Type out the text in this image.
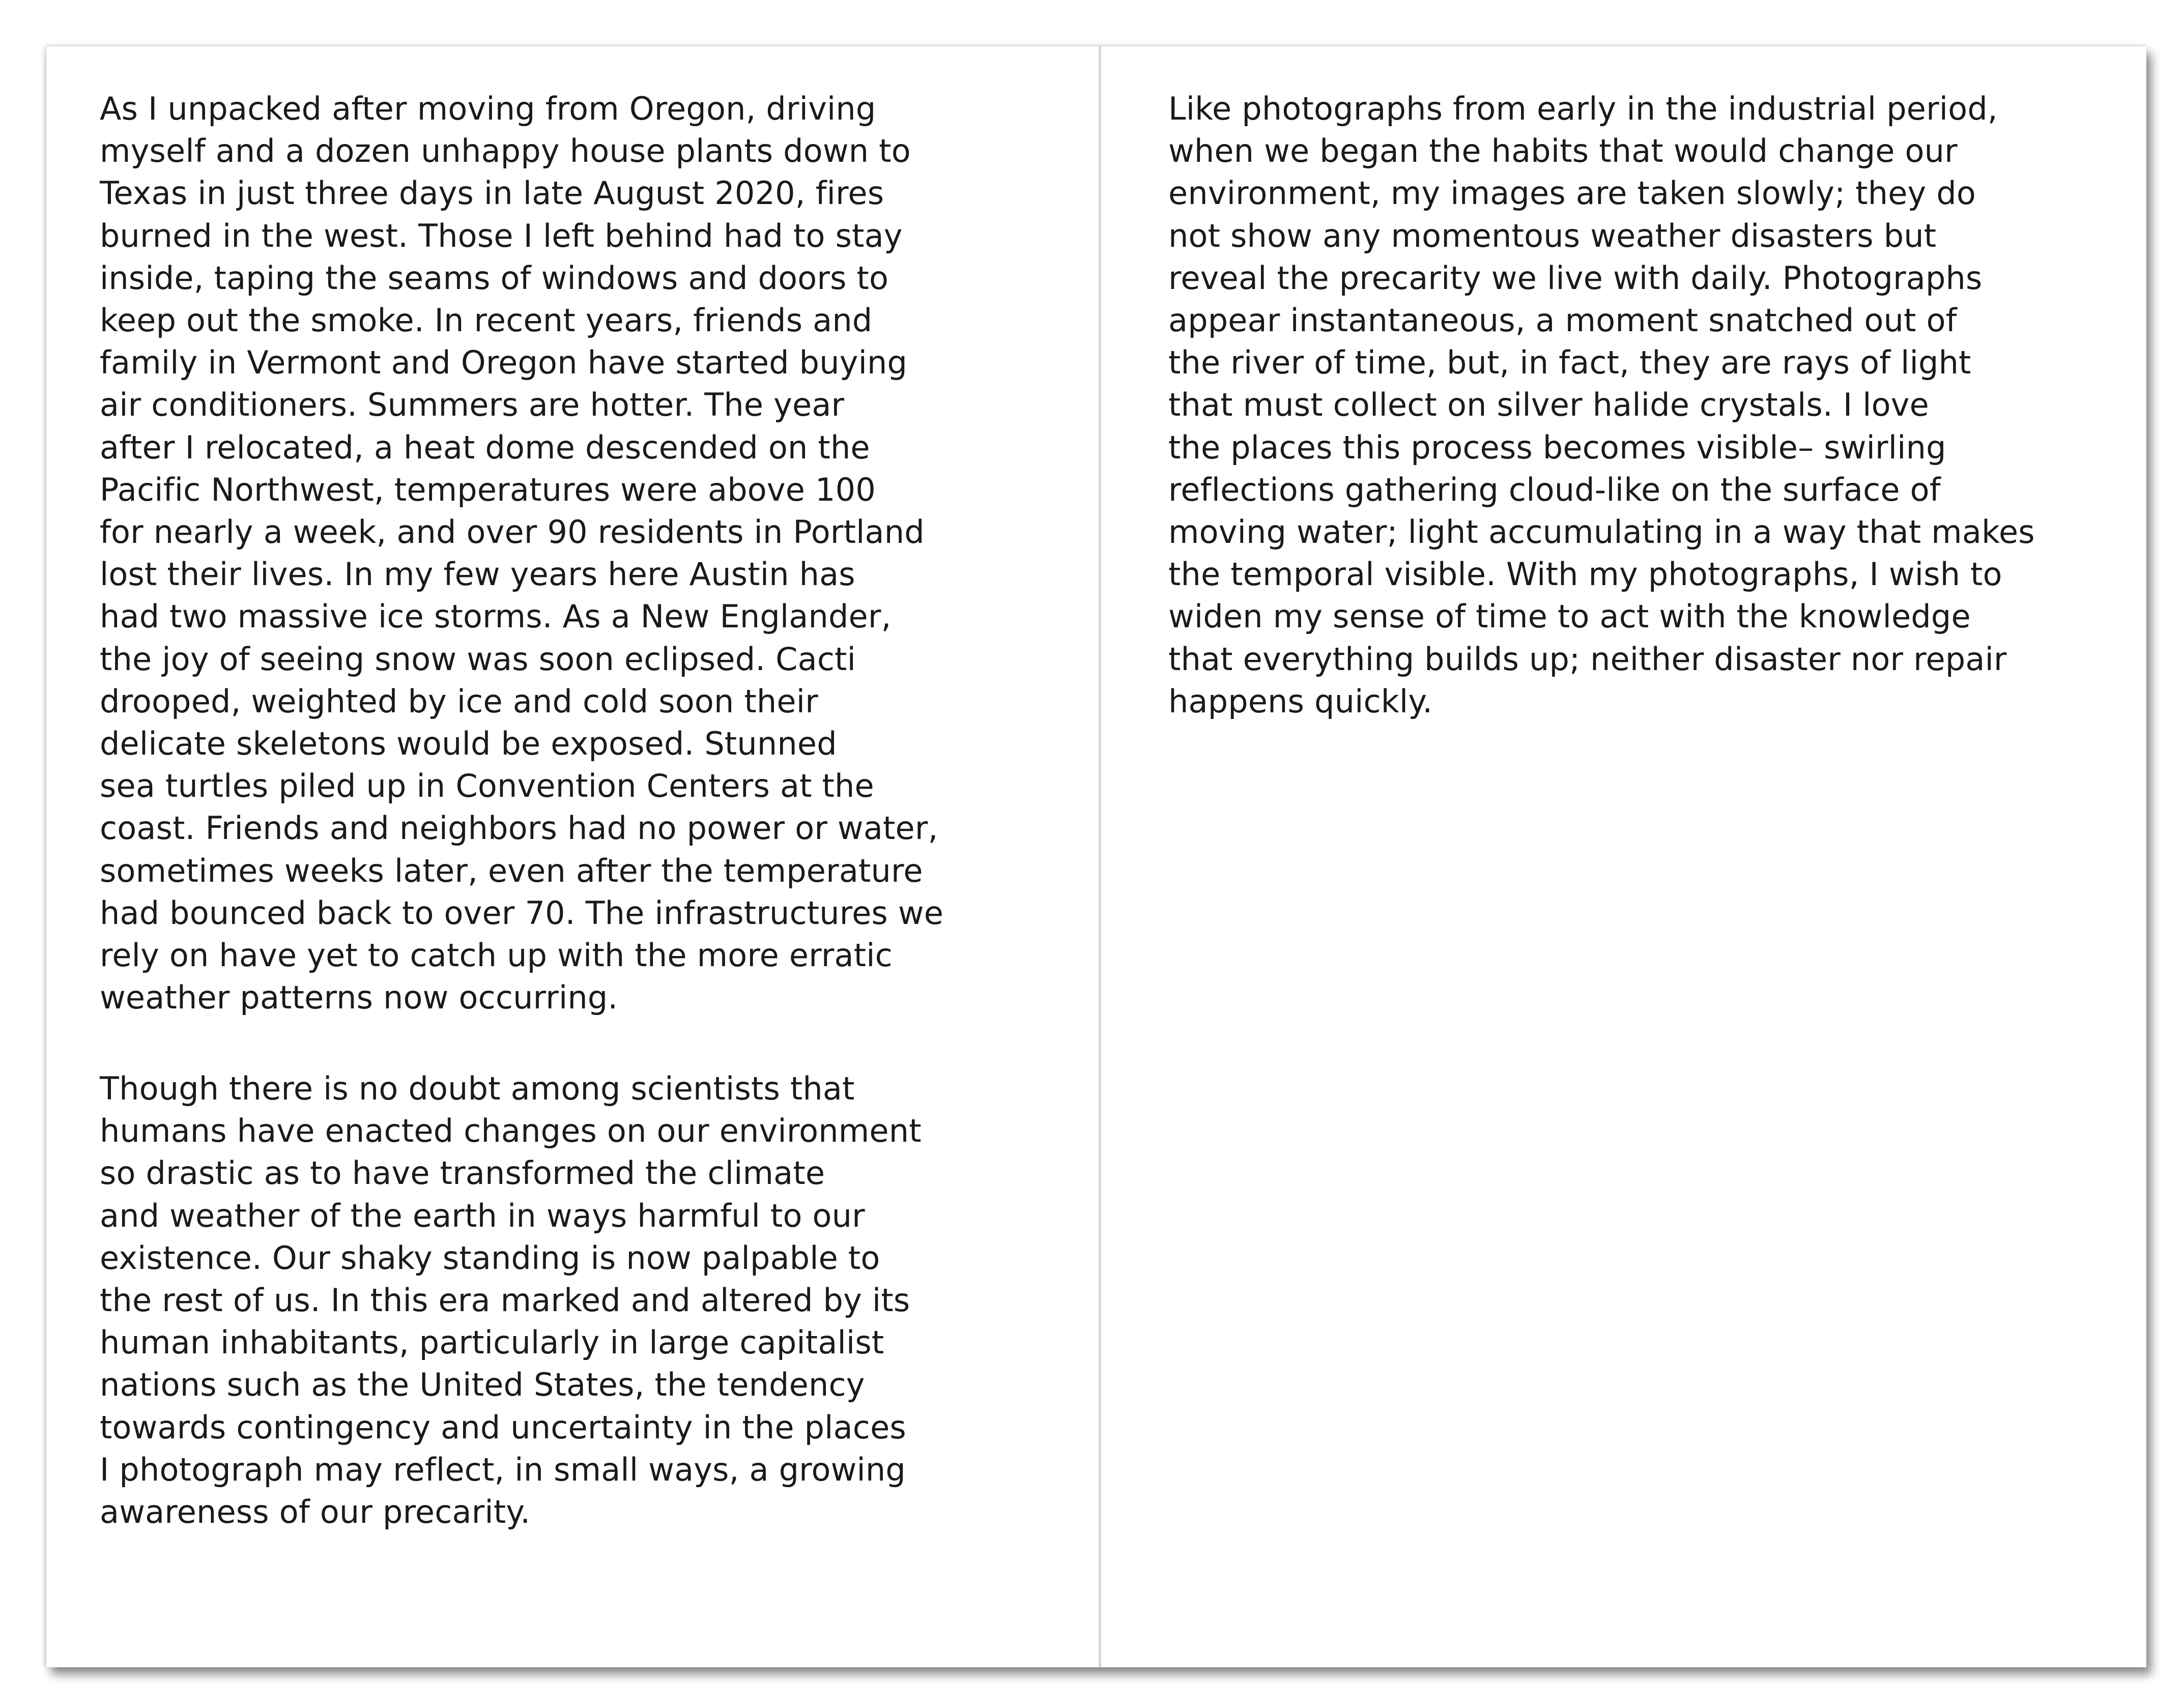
As I unpacked after moving from Oregon, driving
myself and a dozen unhappy house plants down to
Texas in just three days in late August 2020, fires
burned in the west. Those I left behind had to stay
inside, taping the seams of windows and doors to
keep out the smoke. In recent years, friends and
family in Vermont and Oregon have started buying
air conditioners. Summers are hotter. The year
after I relocated, a heat dome descended on the
Pacific Northwest, temperatures were above 100
for nearly a week, and over 90 residents in Portland
lost their lives. In my few years here Austin has
had two massive ice storms. As a New Englander,
the joy of seeing snow was soon eclipsed. Cacti
drooped, weighted by ice and cold soon their
delicate skeletons would be exposed. Stunned
sea turtles piled up in Convention Centers at the
coast. Friends and neighbors had no power or water,
sometimes weeks later, even after the temperature
had bounced back to over 70. The infrastructures we
rely on have yet to catch up with the more erratic
weather patterns now occurring.
Though there is no doubt among scientists that
humans have enacted changes on our environment
so drastic as to have transformed the climate
and weather of the earth in ways harmful to our
existence. Our shaky standing is now palpable to
the rest of us. In this era marked and altered by its
human inhabitants, particularly in large capitalist
nations such as the United States, the tendency
towards contingency and uncertainty in the places
I photograph may reflect, in small ways, a growing
awareness of our precarity.
Like photographs from early in the industrial period,
when we began the habits that would change our
environment, my images are taken slowly; they do
not show any momentous weather disasters but
reveal the precarity we live with daily. Photographs
appear instantaneous, a moment snatched out of
the river of time, but, in fact, they are rays of light
that must collect on silver halide crystals. I love
the places this process becomes visible– swirling
reflections gathering cloud-like on the surface of
moving water; light accumulating in a way that makes
the temporal visible. With my photographs, I wish to
widen my sense of time to act with the knowledge
that everything builds up; neither disaster nor repair
happens quickly.
